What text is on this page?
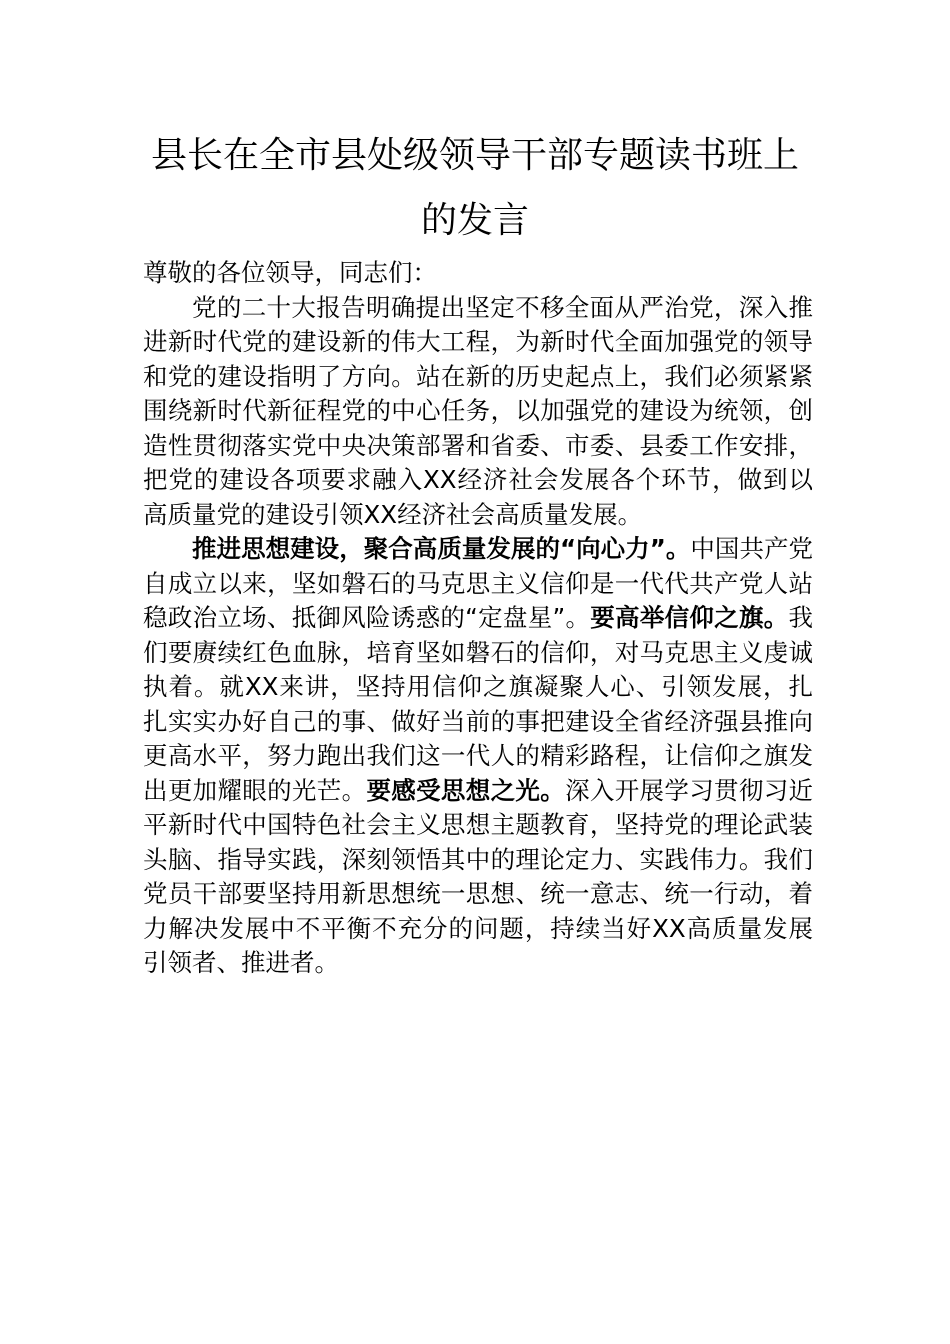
县长在全市县处级领导干部专题读书班上
的发言

尊敬的各位领导，同志们：

党的二十大报告明确提出坚定不移全面从严治党，深入推进新时代党的建设新的伟大工程，为新时代全面加强党的领导和党的建设指明了方向。站在新的历史起点上，我们必须紧紧围绕新时代新征程党的中心任务，以加强党的建设为统领，创造性贯彻落实党中央决策部署和省委、市委、县委工作安排，把党的建设各项要求融入XX经济社会发展各个环节，做到以高质量党的建设引领XX经济社会高质量发展。

推进思想建设，聚合高质量发展的“向心力”。中国共产党自成立以来，坚如磐石的马克思主义信仰是一代代共产党人站稳政治立场、抵御风险诱惑的“定盘星”。要高举信仰之旗。我们要赓续红色血脉，培育坚如磐石的信仰，对马克思主义虔诚执着。就XX来讲，坚持用信仰之旗凝聚人心、引领发展，扎扎实实办好自己的事、做好当前的事把建设全省经济强县推向更高水平，努力跑出我们这一代人的精彩路程，让信仰之旗发出更加耀眼的光芒。要感受思想之光。深入开展学习贯彻习近平新时代中国特色社会主义思想主题教育，坚持党的理论武装头脑、指导实践，深刻领悟其中的理论定力、实践伟力。我们党员干部要坚持用新思想统一思想、统一意志、统一行动，着力解决发展中不平衡不充分的问题，持续当好XX高质量发展引领者、推进者。
